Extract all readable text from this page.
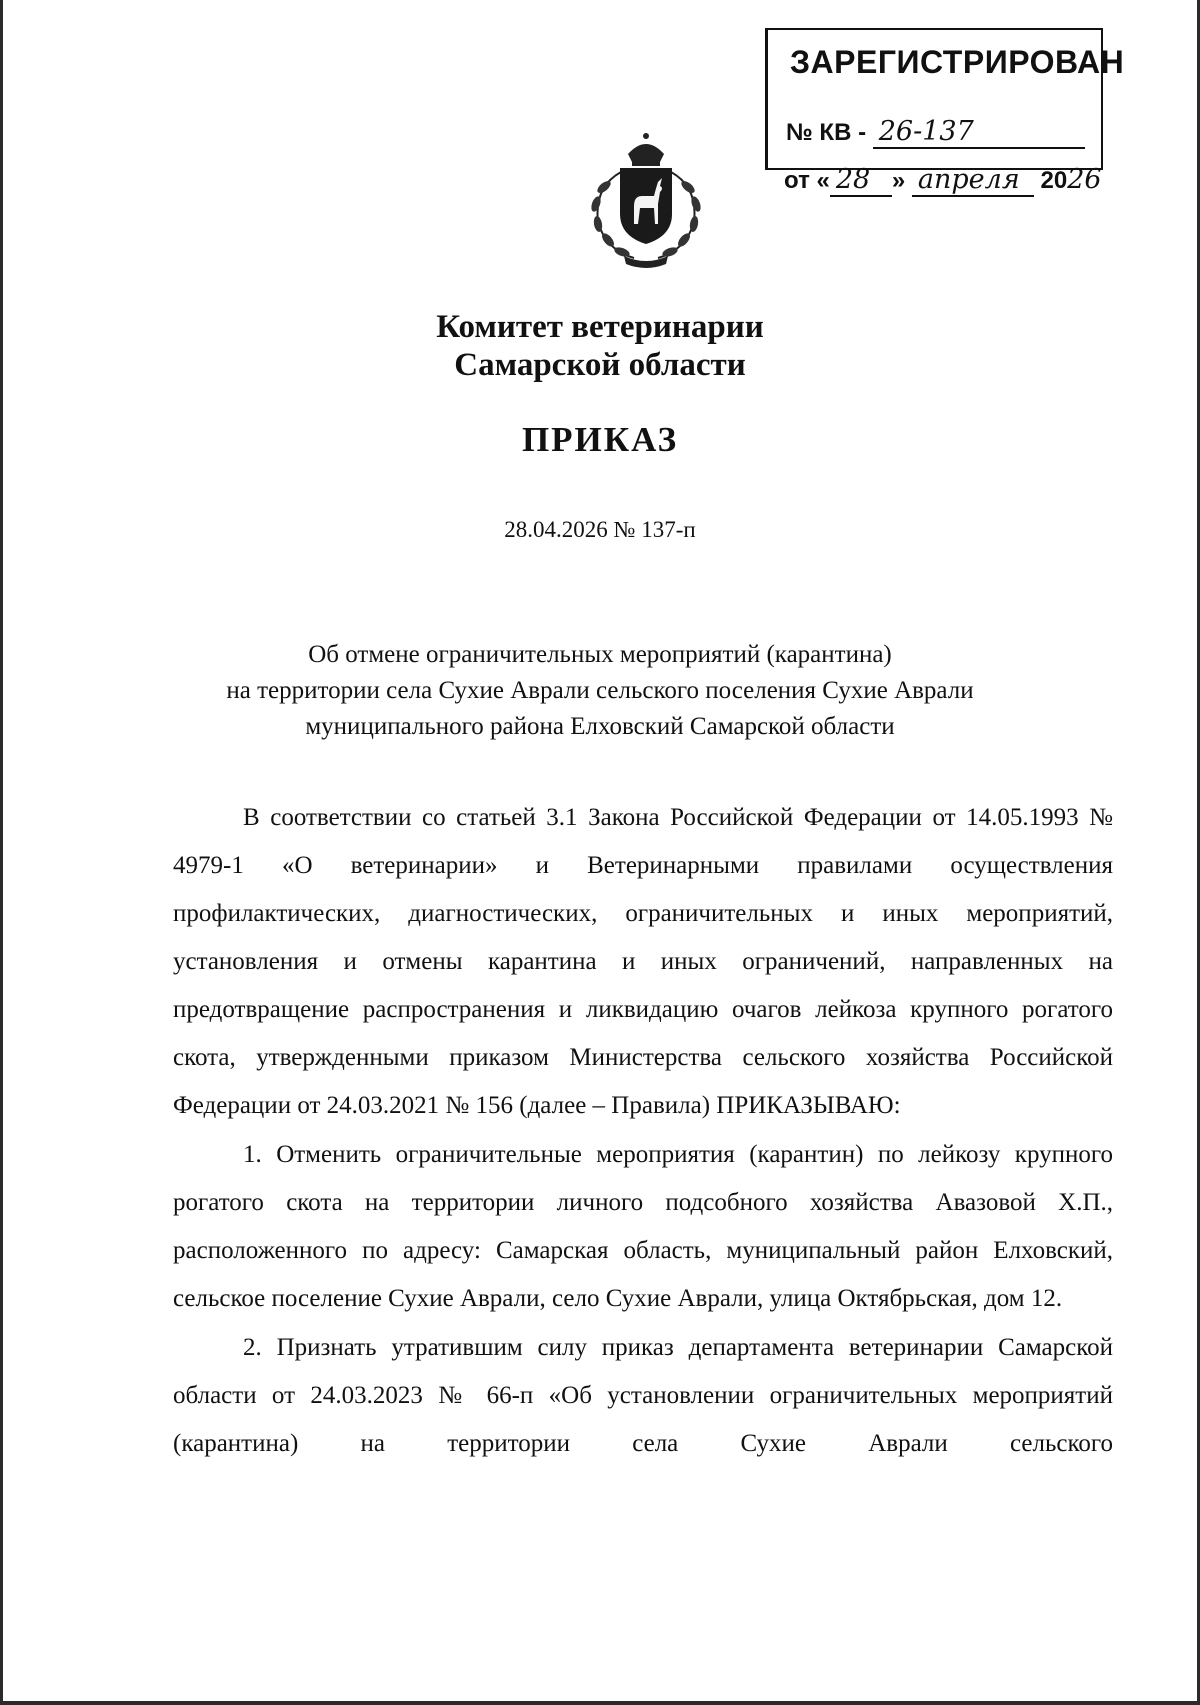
ЗАРЕГИСТРИРОВАН
№ КВ - 26-137
от « 28 » апреля 2026
Комитет ветеринарии
Самарской области
ПРИКАЗ
28.04.2026 № 137-п
Об отмене ограничительных мероприятий (карантина)
на территории села Сухие Аврали сельского поселения Сухие Аврали
муниципального района Елховский Самарской области

В соответствии со статьей 3.1 Закона Российской Федерации от 14.05.1993 № 4979-1 «О ветеринарии» и Ветеринарными правилами осуществления профилактических, диагностических, ограничительных и иных мероприятий, установления и отмены карантина и иных ограничений, направленных на предотвращение распространения и ликвидацию очагов лейкоза крупного рогатого скота, утвержденными приказом Министерства сельского хозяйства Российской Федерации от 24.03.2021 № 156 (далее – Правила) ПРИКАЗЫВАЮ:

1. Отменить ограничительные мероприятия (карантин) по лейкозу крупного рогатого скота на территории личного подсобного хозяйства Авазовой Х.П., расположенного по адресу: Самарская область, муниципальный район Елховский, сельское поселение Сухие Аврали, село Сухие Аврали, улица Октябрьская, дом 12.

2. Признать утратившим силу приказ департамента ветеринарии Самарской области от 24.03.2023 № 66-п «Об установлении ограничительных мероприятий (карантина) на территории села Сухие Аврали сельского
